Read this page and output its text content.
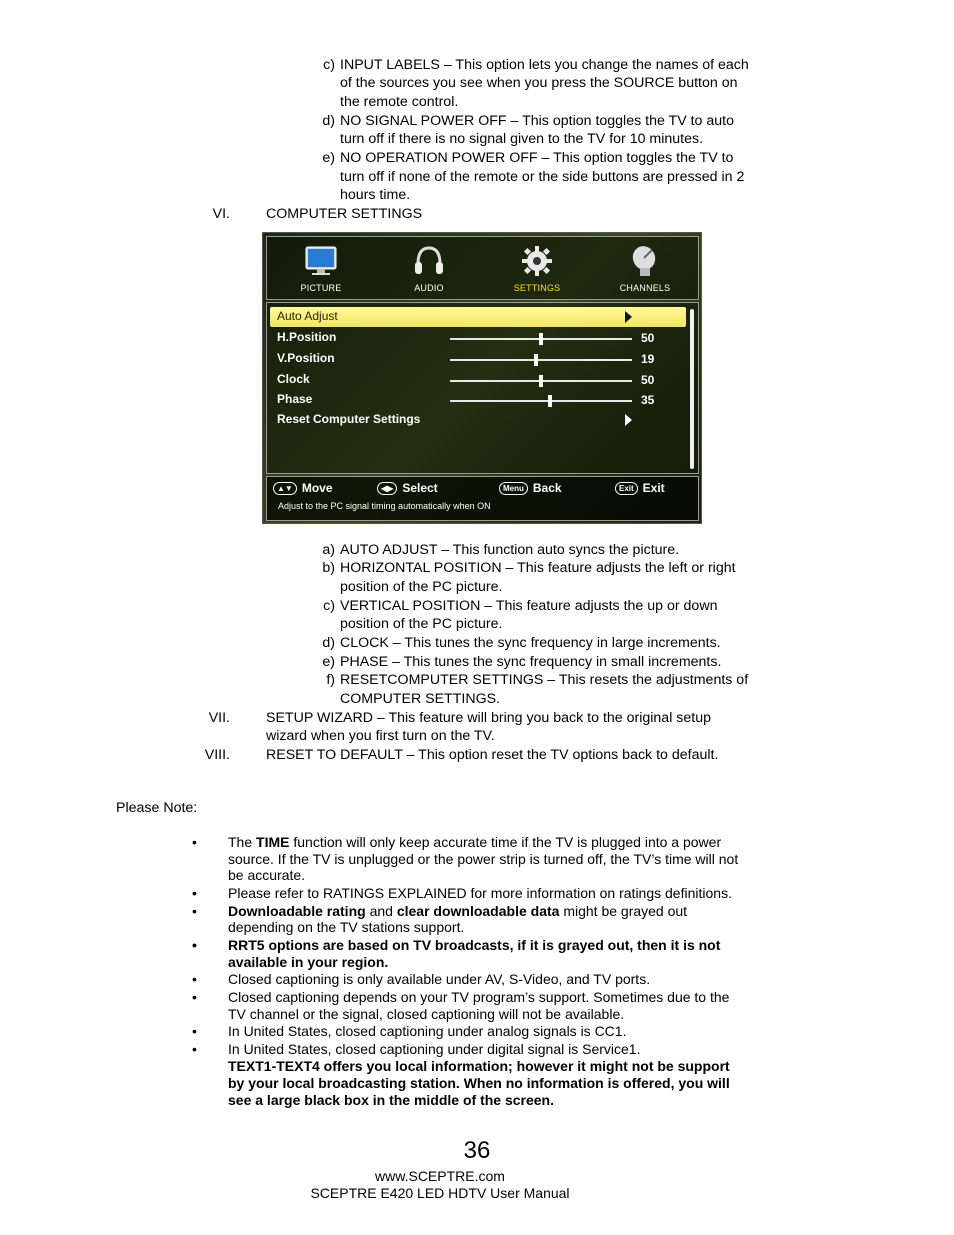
c) INPUT LABELS – This option lets you change the names of each
of the sources you see when you press the SOURCE button on
the remote control.
d) NO SIGNAL POWER OFF – This option toggles the TV to auto
turn off if there is no signal given to the TV for 10 minutes.
e) NO OPERATION POWER OFF – This option toggles the TV to
turn off if none of the remote or the side buttons are pressed in 2
hours time.
VI.	COMPUTER SETTINGS
PICTURE	AUDIO	SETTINGS	CHANNELS
Auto Adjust
H.Position	50
V.Position	19
Clock	50
Phase	35
Reset Computer Settings
▲▼ Move	◀▶ Select	Menu Back	Exit Exit
Adjust to the PC signal timing automatically when ON
a) AUTO ADJUST – This function auto syncs the picture.
b) HORIZONTAL POSITION – This feature adjusts the left or right
position of the PC picture.
c) VERTICAL POSITION – This feature adjusts the up or down
position of the PC picture.
d) CLOCK – This tunes the sync frequency in large increments.
e) PHASE – This tunes the sync frequency in small increments.
f) RESETCOMPUTER SETTINGS – This resets the adjustments of
COMPUTER SETTINGS.
VII.	SETUP WIZARD – This feature will bring you back to the original setup
wizard when you first turn on the TV.
VIII.	RESET TO DEFAULT – This option reset the TV options back to default.
Please Note:
• The TIME function will only keep accurate time if the TV is plugged into a power
source. If the TV is unplugged or the power strip is turned off, the TV’s time will not
be accurate.
• Please refer to RATINGS EXPLAINED for more information on ratings definitions.
• Downloadable rating and clear downloadable data might be grayed out
depending on the TV stations support.
• RRT5 options are based on TV broadcasts, if it is grayed out, then it is not
available in your region.
• Closed captioning is only available under AV, S-Video, and TV ports.
• Closed captioning depends on your TV program’s support. Sometimes due to the
TV channel or the signal, closed captioning will not be available.
• In United States, closed captioning under analog signals is CC1.
• In United States, closed captioning under digital signal is Service1.
TEXT1-TEXT4 offers you local information; however it might not be support
by your local broadcasting station. When no information is offered, you will
see a large black box in the middle of the screen.
36
www.SCEPTRE.com
SCEPTRE E420 LED HDTV User Manual
